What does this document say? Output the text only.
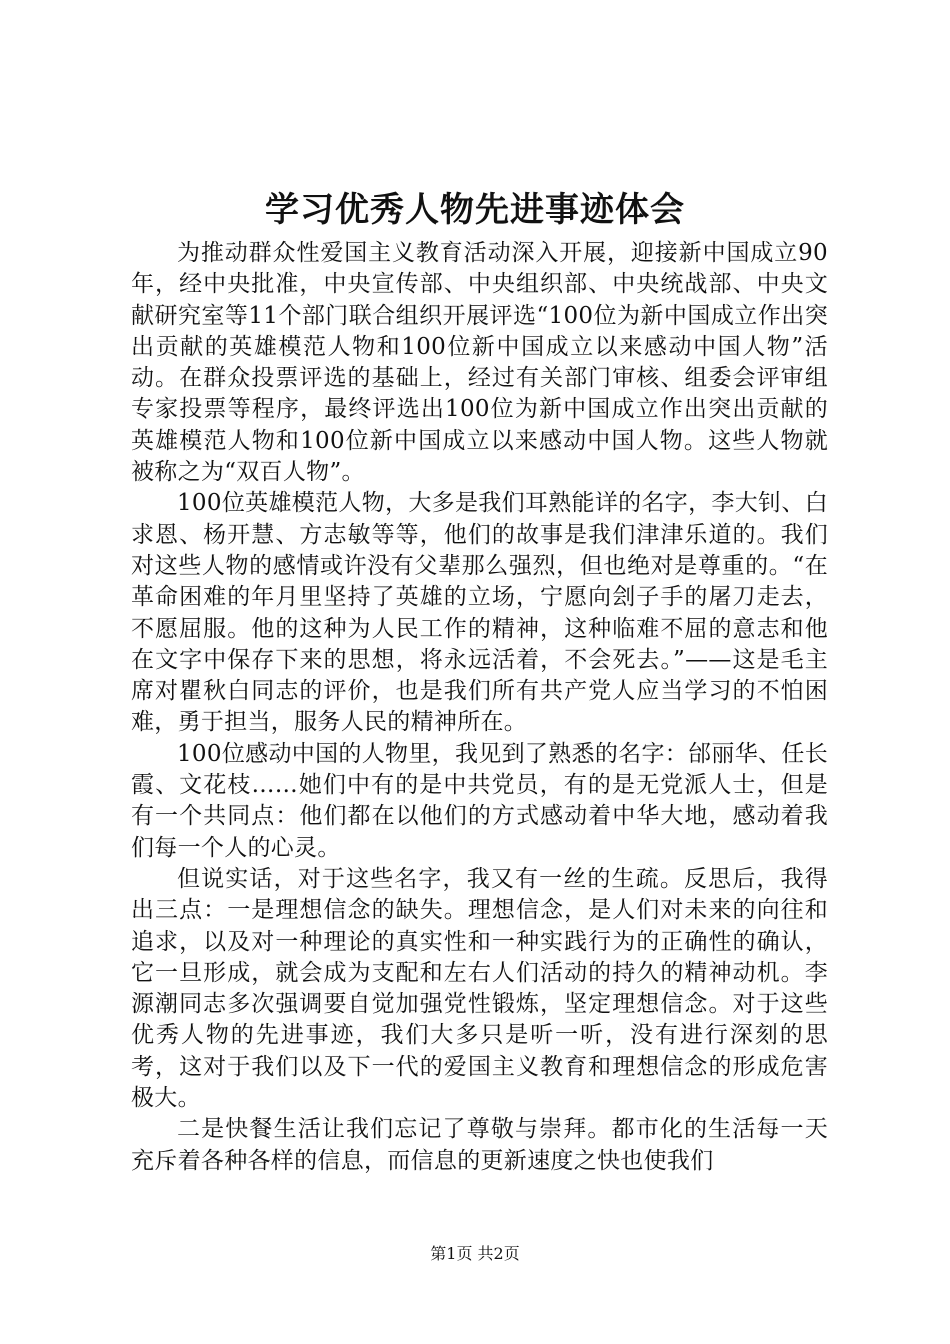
学习优秀人物先进事迹体会

为推动群众性爱国主义教育活动深入开展，迎接新中国成立90年，经中央批准，中央宣传部、中央组织部、中央统战部、中央文献研究室等11个部门联合组织开展评选“100位为新中国成立作出突出贡献的英雄模范人物和100位新中国成立以来感动中国人物”活动。在群众投票评选的基础上，经过有关部门审核、组委会评审组专家投票等程序，最终评选出100位为新中国成立作出突出贡献的英雄模范人物和100位新中国成立以来感动中国人物。这些人物就被称之为“双百人物”。

100位英雄模范人物，大多是我们耳熟能详的名字，李大钊、白求恩、杨开慧、方志敏等等，他们的故事是我们津津乐道的。我们对这些人物的感情或许没有父辈那么强烈，但也绝对是尊重的。“在革命困难的年月里坚持了英雄的立场，宁愿向刽子手的屠刀走去，不愿屈服。他的这种为人民工作的精神，这种临难不屈的意志和他在文字中保存下来的思想，将永远活着，不会死去。”——这是毛主席对瞿秋白同志的评价，也是我们所有共产党人应当学习的不怕困难，勇于担当，服务人民的精神所在。

100位感动中国的人物里，我见到了熟悉的名字：邰丽华、任长霞、文花枝……她们中有的是中共党员，有的是无党派人士，但是有一个共同点：他们都在以他们的方式感动着中华大地，感动着我们每一个人的心灵。

但说实话，对于这些名字，我又有一丝的生疏。反思后，我得出三点：一是理想信念的缺失。理想信念，是人们对未来的向往和追求，以及对一种理论的真实性和一种实践行为的正确性的确认，它一旦形成，就会成为支配和左右人们活动的持久的精神动机。李源潮同志多次强调要自觉加强党性锻炼，坚定理想信念。对于这些优秀人物的先进事迹，我们大多只是听一听，没有进行深刻的思考，这对于我们以及下一代的爱国主义教育和理想信念的形成危害极大。

二是快餐生活让我们忘记了尊敬与崇拜。都市化的生活每一天充斥着各种各样的信息，而信息的更新速度之快也使我们

第1页 共2页
